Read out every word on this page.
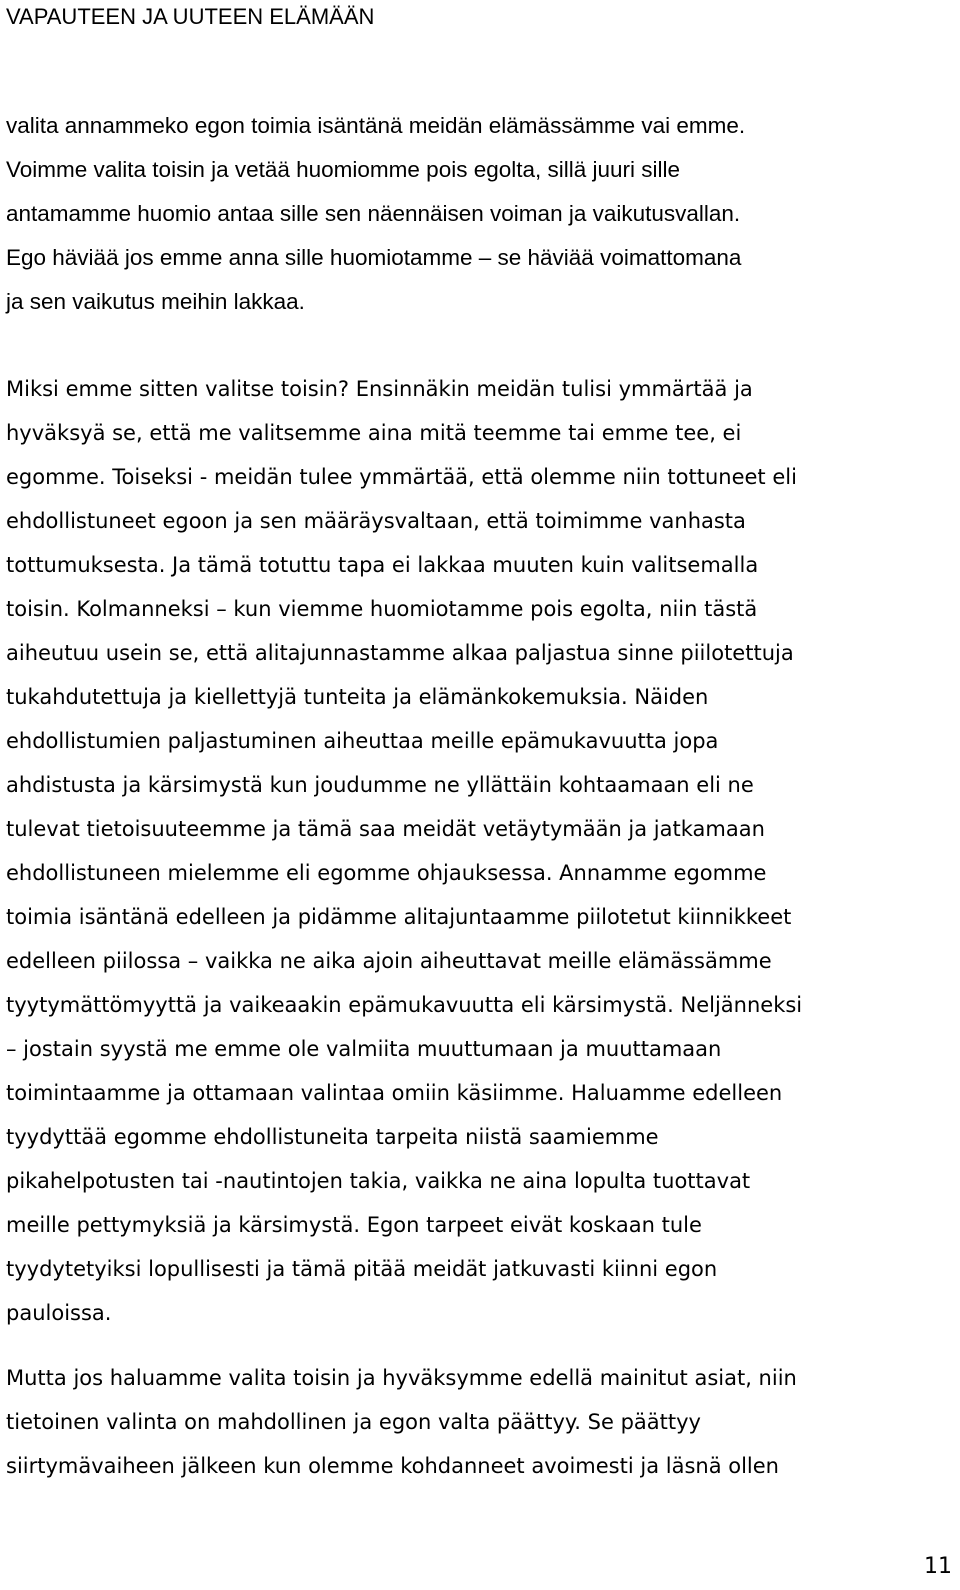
VAPAUTEEN JA UUTEEN ELÄMÄÄN
valita annammeko egon toimia isäntänä meidän elämässämme vai emme.
Voimme valita toisin ja vetää huomiomme pois egolta, sillä juuri sille
antamamme huomio antaa sille sen näennäisen voiman ja vaikutusvallan.
Ego häviää jos emme anna sille huomiotamme – se häviää voimattomana
ja sen vaikutus meihin lakkaa.
Miksi emme sitten valitse toisin? Ensinnäkin meidän tulisi ymmärtää ja
hyväksyä se, että me valitsemme aina mitä teemme tai emme tee, ei
egomme. Toiseksi - meidän tulee ymmärtää, että olemme niin tottuneet eli
ehdollistuneet egoon ja sen määräysvaltaan, että toimimme vanhasta
tottumuksesta. Ja tämä totuttu tapa ei lakkaa muuten kuin valitsemalla
toisin. Kolmanneksi – kun viemme huomiotamme pois egolta, niin tästä
aiheutuu usein se, että alitajunnastamme alkaa paljastua sinne piilotettuja
tukahdutettuja ja kiellettyjä tunteita ja elämänkokemuksia. Näiden
ehdollistumien paljastuminen aiheuttaa meille epämukavuutta jopa
ahdistusta ja kärsimystä kun joudumme ne yllättäin kohtaamaan eli ne
tulevat tietoisuuteemme ja tämä saa meidät vetäytymään ja jatkamaan
ehdollistuneen mielemme eli egomme ohjauksessa. Annamme egomme
toimia isäntänä edelleen ja pidämme alitajuntaamme piilotetut kiinnikkeet
edelleen piilossa – vaikka ne aika ajoin aiheuttavat meille elämässämme
tyytymättömyyttä ja vaikeaakin epämukavuutta eli kärsimystä. Neljänneksi
– jostain syystä me emme ole valmiita muuttumaan ja muuttamaan
toimintaamme ja ottamaan valintaa omiin käsiimme. Haluamme edelleen
tyydyttää egomme ehdollistuneita tarpeita niistä saamiemme
pikahelpotusten tai -nautintojen takia, vaikka ne aina lopulta tuottavat
meille pettymyksiä ja kärsimystä. Egon tarpeet eivät koskaan tule
tyydytetyiksi lopullisesti ja tämä pitää meidät jatkuvasti kiinni egon
pauloissa.
Mutta jos haluamme valita toisin ja hyväksymme edellä mainitut asiat, niin
tietoinen valinta on mahdollinen ja egon valta päättyy. Se päättyy
siirtymävaiheen jälkeen kun olemme kohdanneet avoimesti ja läsnä ollen
11
